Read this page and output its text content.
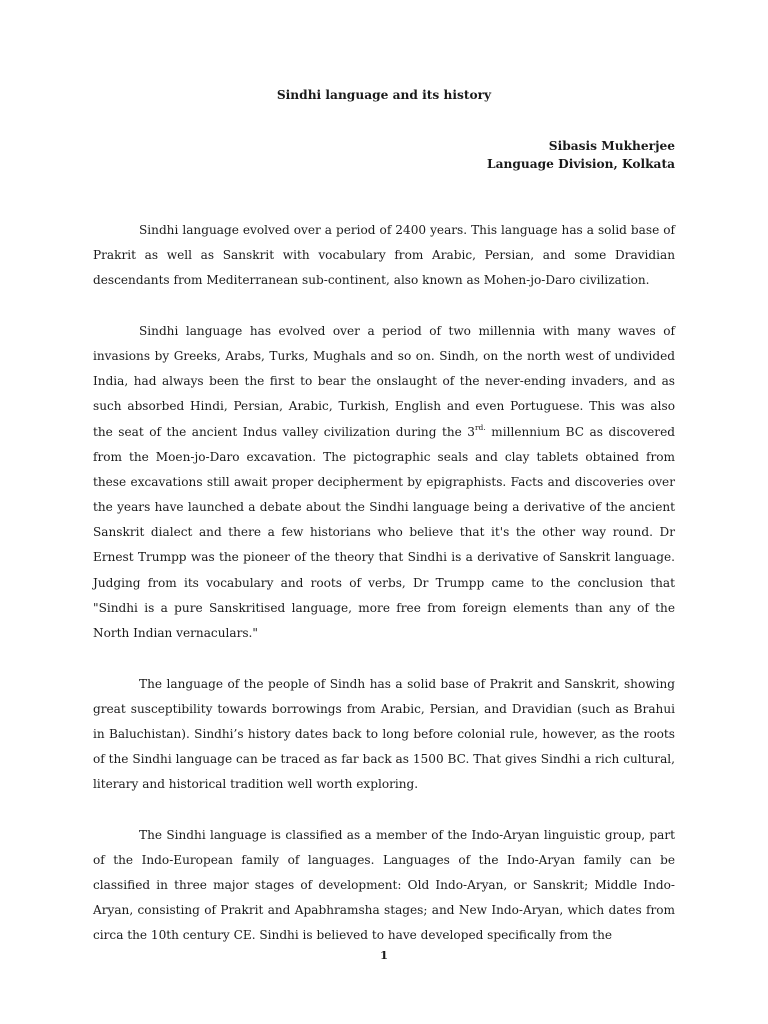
Sindhi language and its history
Sibasis Mukherjee
Language Division, Kolkata

Sindhi language evolved over a period of 2400 years. This language has a solid base of Prakrit as well as Sanskrit with vocabulary from Arabic, Persian, and some Dravidian descendants from Mediterranean sub-continent, also known as Mohen-jo-Daro civilization.

Sindhi language has evolved over a period of two millennia with many waves of invasions by Greeks, Arabs, Turks, Mughals and so on. Sindh, on the north west of undivided India, had always been the first to bear the onslaught of the never-ending invaders, and as such absorbed Hindi, Persian, Arabic, Turkish, English and even Portuguese. This was also the seat of the ancient Indus valley civilization during the $3^{rd.}$ millennium BC as discovered from the Moen-jo-Daro excavation. The pictographic seals and clay tablets obtained from these excavations still await proper decipherment by epigraphists. Facts and discoveries over the years have launched a debate about the Sindhi language being a derivative of the ancient Sanskrit dialect and there a few historians who believe that it's the other way round. Dr Ernest Trumpp was the pioneer of the theory that Sindhi is a derivative of Sanskrit language. Judging from its vocabulary and roots of verbs, Dr Trumpp came to the conclusion that "Sindhi is a pure Sanskritised language, more free from foreign elements than any of the North Indian vernaculars."

The language of the people of Sindh has a solid base of Prakrit and Sanskrit, showing great susceptibility towards borrowings from Arabic, Persian, and Dravidian (such as Brahui in Baluchistan). Sindhi’s history dates back to long before colonial rule, however, as the roots of the Sindhi language can be traced as far back as 1500 BC. That gives Sindhi a rich cultural, literary and historical tradition well worth exploring.

The Sindhi language is classified as a member of the Indo-Aryan linguistic group, part of the Indo-European family of languages. Languages of the Indo-Aryan family can be classified in three major stages of development: Old Indo-Aryan, or Sanskrit; Middle Indo-Aryan, consisting of Prakrit and Apabhramsha stages; and New Indo-Aryan, which dates from circa the 10th century CE. Sindhi is believed to have developed specifically from the

1
